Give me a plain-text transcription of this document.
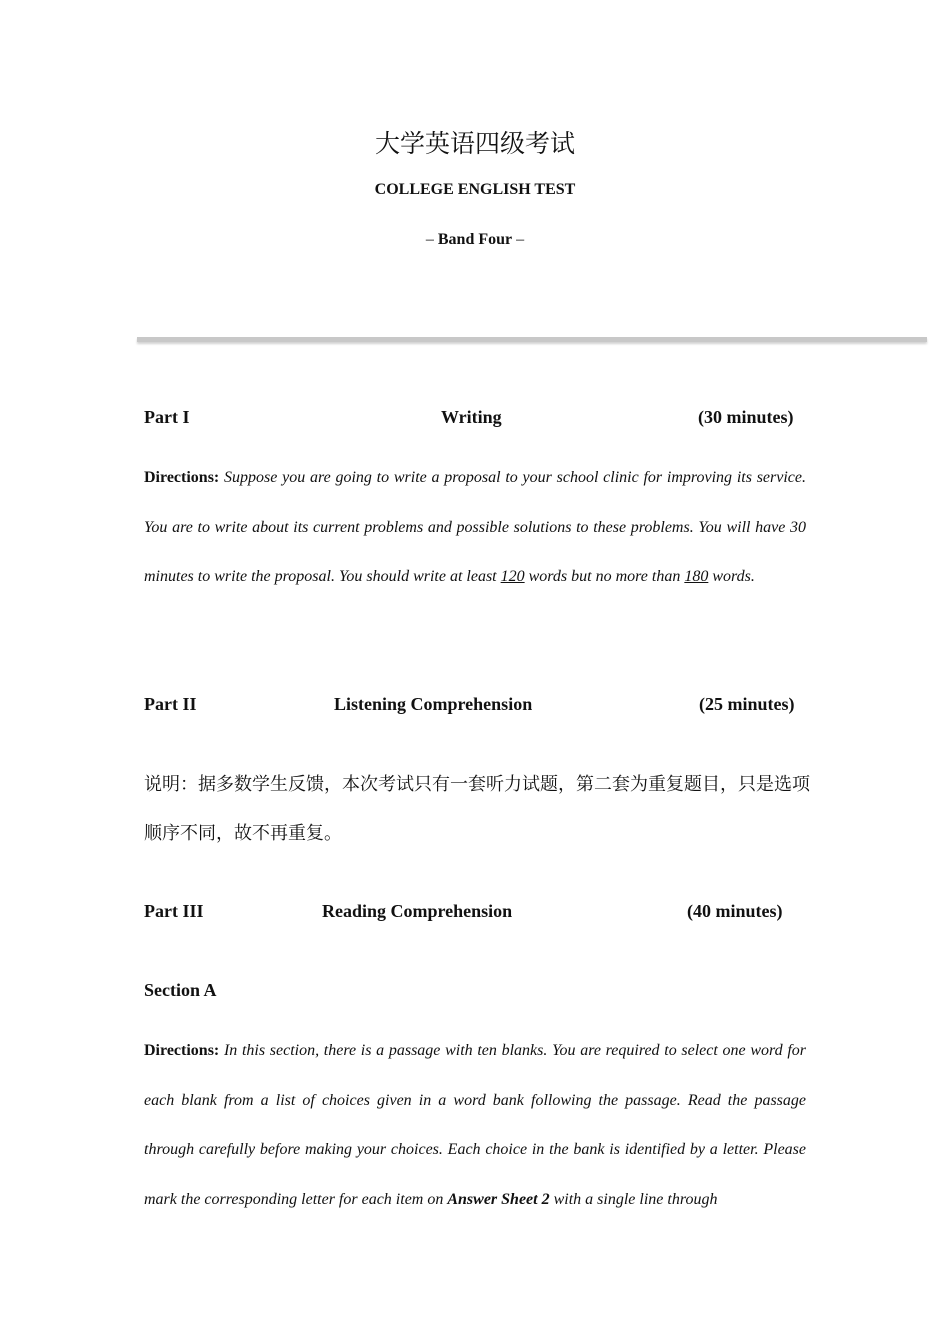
大学英语四级考试
COLLEGE ENGLISH TEST
– Band Four –
Part I	Writing	(30 minutes)
Directions: Suppose you are going to write a proposal to your school clinic for improving its service. You are to write about its current problems and possible solutions to these problems. You will have 30 minutes to write the proposal. You should write at least 120 words but no more than 180 words.
Part II	Listening Comprehension	(25 minutes)
说明：据多数学生反馈，本次考试只有一套听力试题，第二套为重复题目，只是选项顺序不同，故不再重复。
Part III	Reading Comprehension	(40 minutes)
Section A
Directions: In this section, there is a passage with ten blanks. You are required to select one word for each blank from a list of choices given in a word bank following the passage. Read the passage through carefully before making your choices. Each choice in the bank is identified by a letter. Please mark the corresponding letter for each item on Answer Sheet 2 with a single line through
